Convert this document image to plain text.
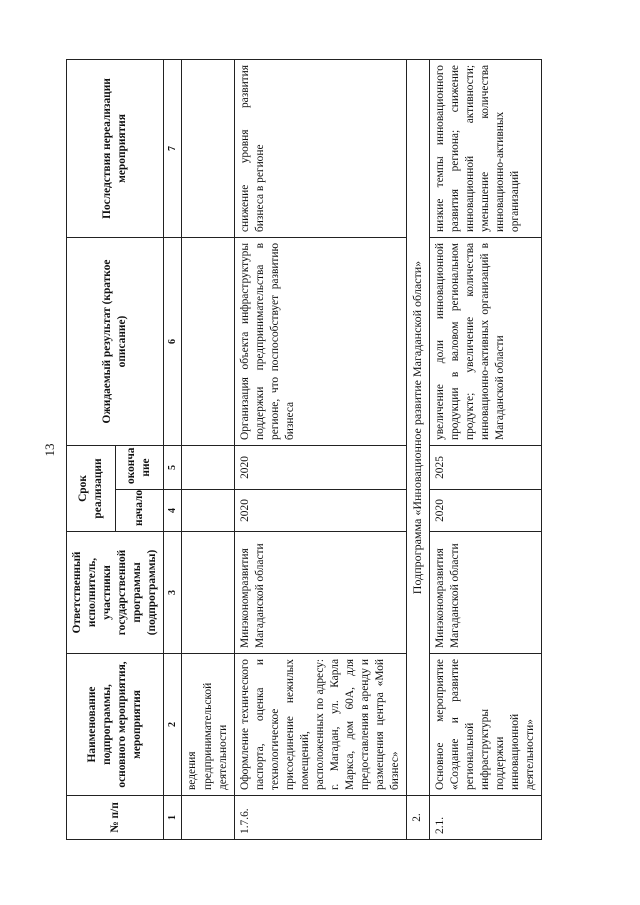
13
№ п/п	Наименование подпрограммы, основного мероприятия, мероприятия	Ответственный исполнитель, участники государственной программы (подпрограммы)	Срок реализации		Ожидаемый результат (краткое описание)	Последствия нереализации мероприятия
			начало	оконча ние		
1	2	3	4	5	6	7
	ведения предпринимательской деятельности					
1.7.6.	Оформление технического паспорта, оценка и технологическое присоединение нежилых помещений, расположенных по адресу: г. Магадан, ул. Карла Маркса, дом 60А, для предоставления в аренду и размещения центра «Мой бизнес»	Минэкономразвития Магаданской области	2020	2020	Организация объекта инфраструктуры поддержки предпринимательства в регионе, что поспособствует развитию бизнеса	снижение уровня развития бизнеса в регионе
2.	Подпрограмма «Инновационное развитие Магаданской области»					
2.1.	Основное мероприятие «Создание и развитие региональной инфраструктуры поддержки инновационной деятельности»	Минэкономразвития Магаданской области	2020	2025	увеличение доли инновационной продукции в валовом региональном продукте; увеличение количества инновационно-активных организаций в Магаданской области	низкие темпы инновационного развития региона; снижение инновационной активности; уменьшение количества инновационно-активных организаций
